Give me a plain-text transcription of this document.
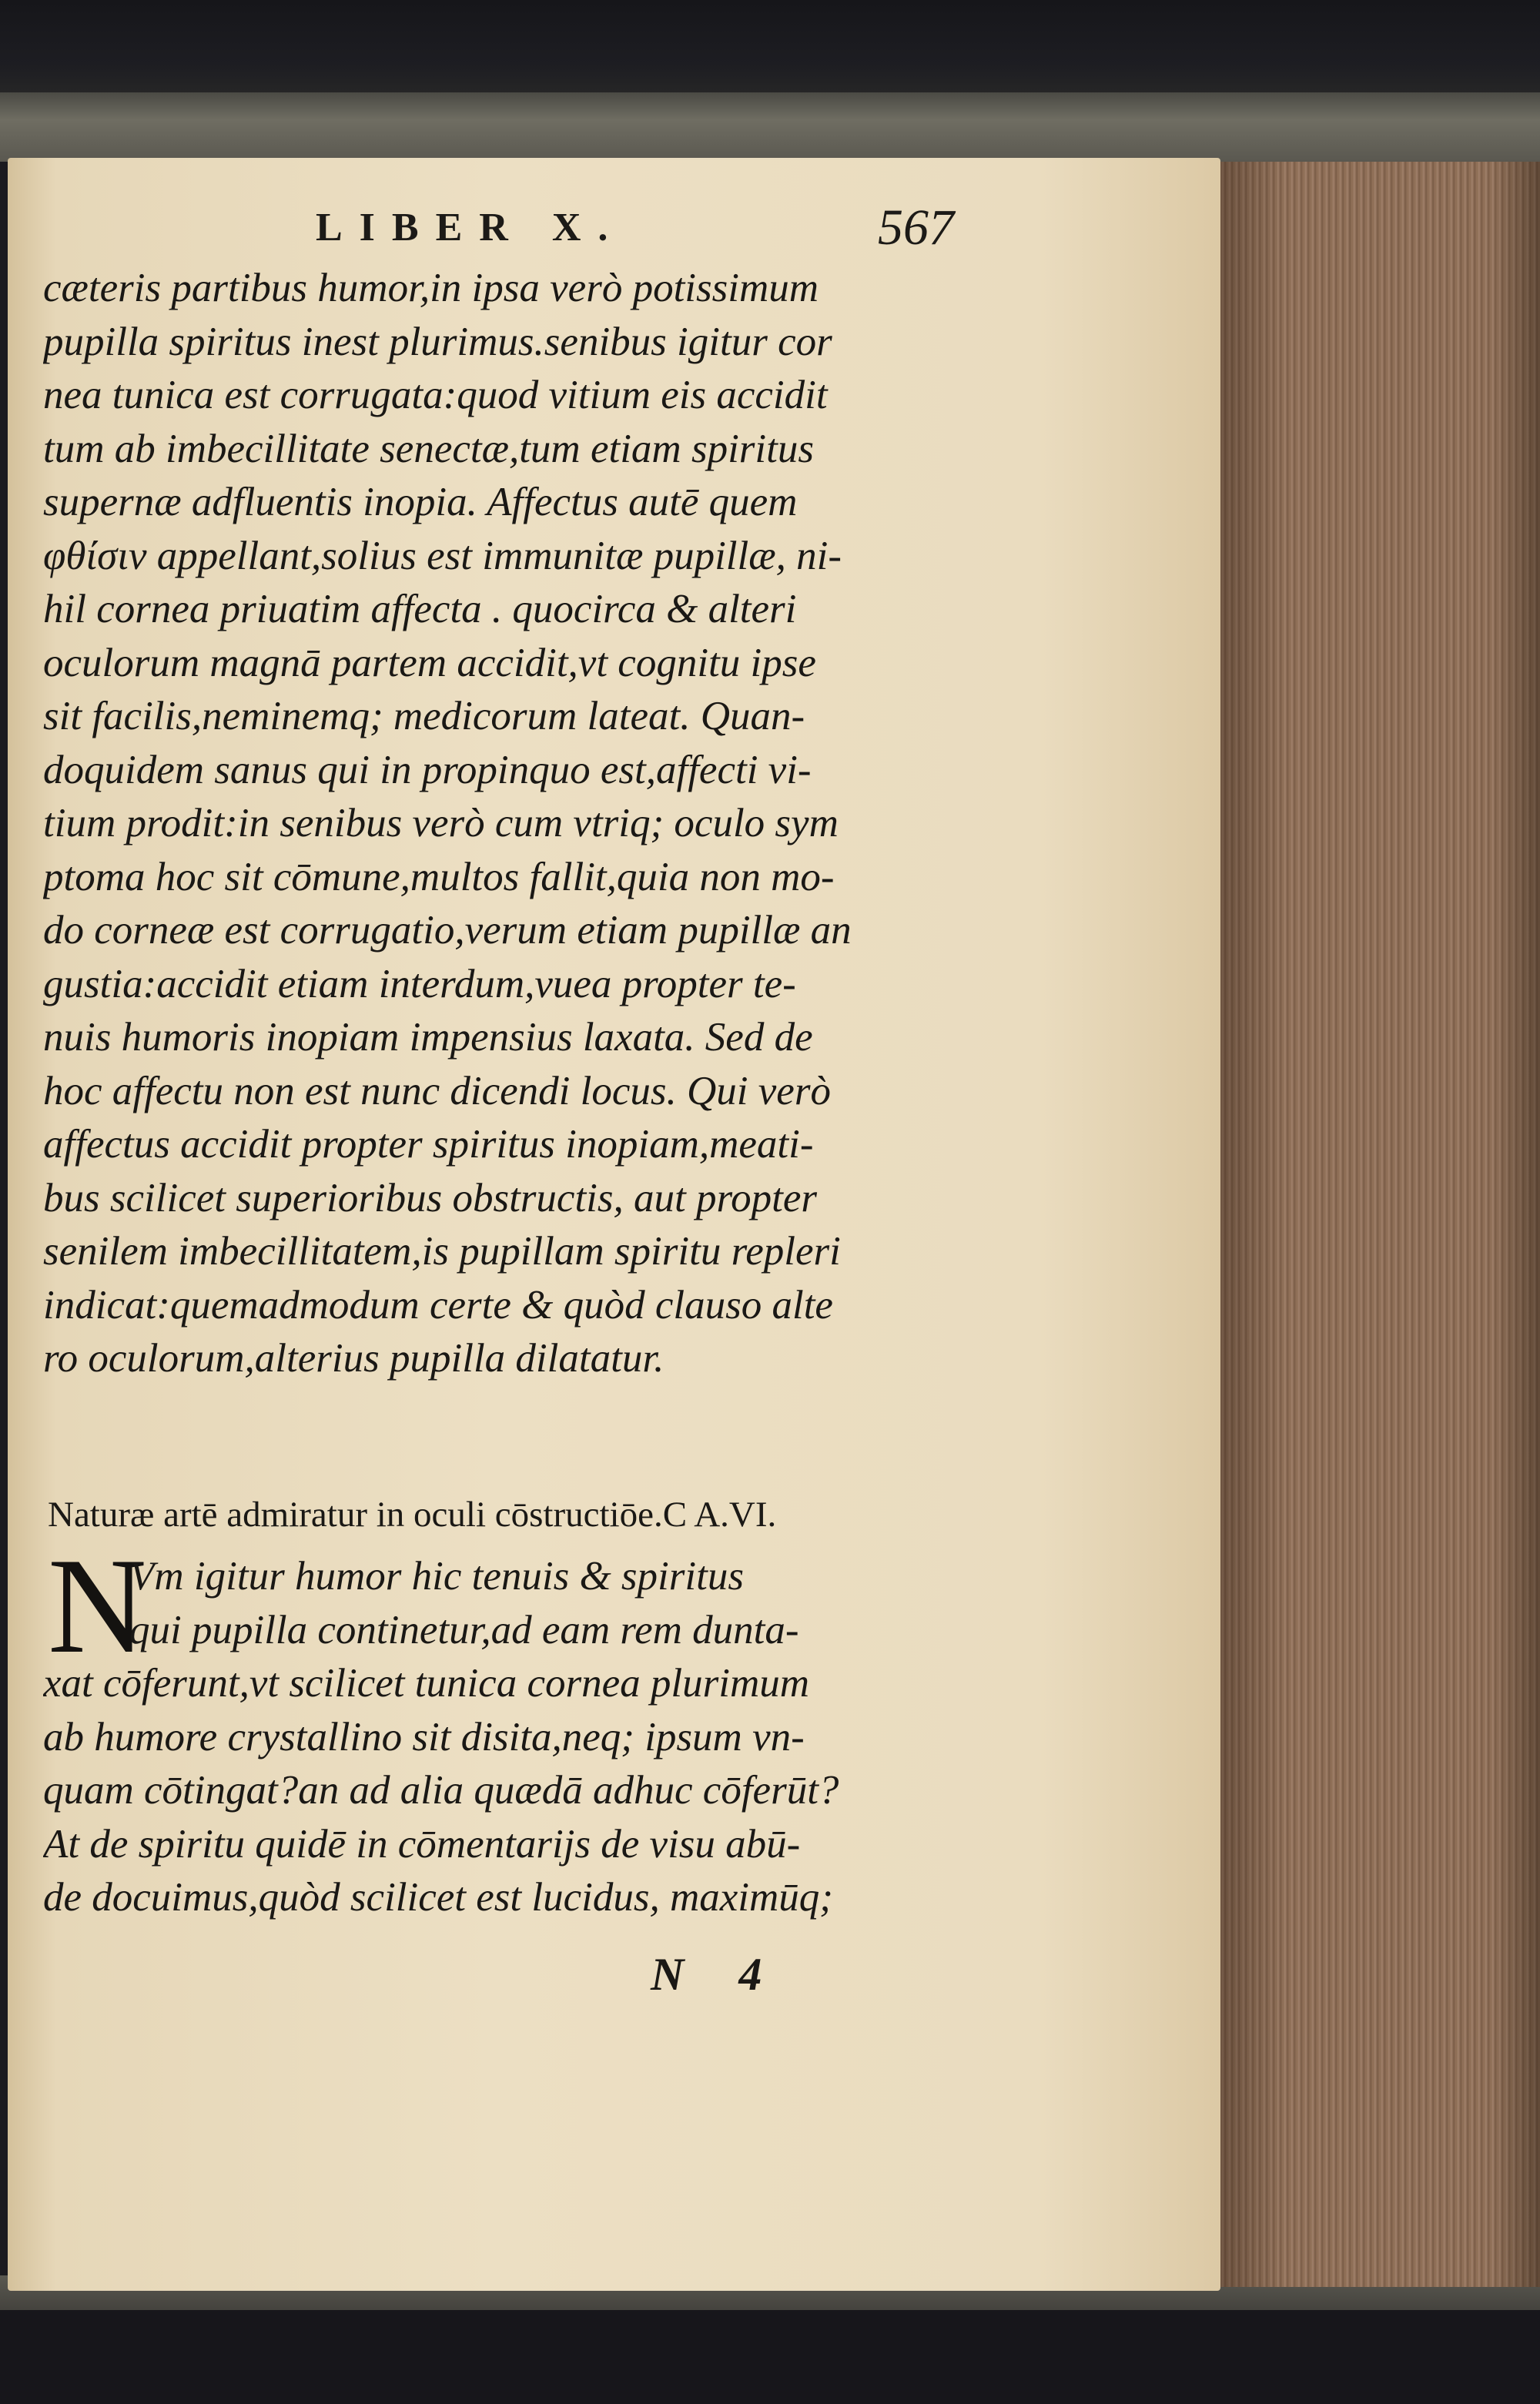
LIBER X.	567
cæteris partibus humor,in ipsa verò potissimum
pupilla spiritus inest plurimus.senibus igitur cor
nea tunica est corrugata:quod vitium eis accidit
tum ab imbecillitate senectæ,tum etiam spiritus
supernæ adfluentis inopia. Affectus autē quem
φθίσιν appellant,solius est immunitæ pupillæ, ni-
hil cornea priuatim affecta . quocirca & alteri
oculorum magnā partem accidit,vt cognitu ipse
sit facilis,neminemq; medicorum lateat. Quan-
doquidem sanus qui in propinquo est,affecti vi-
tium prodit:in senibus verò cum vtriq; oculo sym
ptoma hoc sit cōmune,multos fallit,quia non mo-
do corneæ est corrugatio,verum etiam pupillæ an
gustia:accidit etiam interdum,vuea propter te-
nuis humoris inopiam impensius laxata. Sed de
hoc affectu non est nunc dicendi locus. Qui verò
affectus accidit propter spiritus inopiam,meati-
bus scilicet superioribus obstructis, aut propter
senilem imbecillitatem,is pupillam spiritu repleri
indicat:quemadmodum certe & quòd clauso alte
ro oculorum,alterius pupilla dilatatur.
Naturæ artē admiratur in oculi cōstructiōe.C A.VI.
N
Vm igitur humor hic tenuis & spiritus
qui pupilla continetur,ad eam rem dunta-
xat cōferunt,vt scilicet tunica cornea plurimum
ab humore crystallino sit disita,neq; ipsum vn-
quam cōtingat?an ad alia quædā adhuc cōferūt?
At de spiritu quidē in cōmentarijs de visu abū-
de docuimus,quòd scilicet est lucidus, maximūq;
N 4
